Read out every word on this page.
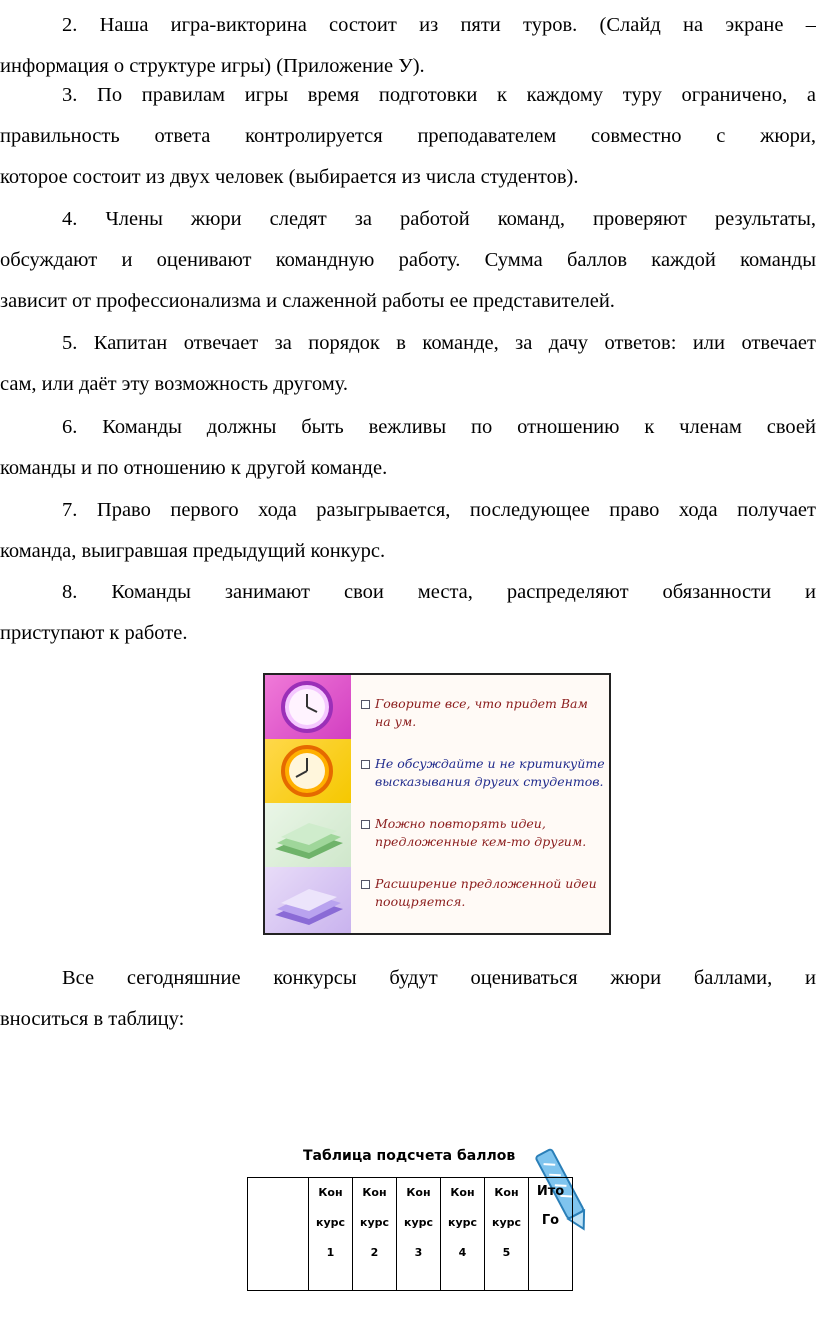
2. Наша игра-викторина состоит из пяти туров. (Слайд на экране –
информация о структуре игры) (Приложение У).
3. По правилам игры время подготовки к каждому туру ограничено, а
правильность ответа контролируется преподавателем совместно с жюри,
которое состоит из двух человек (выбирается из числа студентов).
4. Члены жюри следят за работой команд, проверяют результаты,
обсуждают и оценивают командную работу. Сумма баллов каждой команды
зависит от профессионализма и слаженной работы ее представителей.
5. Капитан отвечает за порядок в команде, за дачу ответов: или отвечает
сам, или даёт эту возможность другому.
6. Команды должны быть вежливы по отношению к членам своей
команды и по отношению к другой команде.
7. Право первого хода разыгрывается, последующее право хода получает
команда, выигравшая предыдущий конкурс.
8. Команды занимают свои места, распределяют обязанности и
приступают к работе.
Говорите все, что придет Вам на ум.
Не обсуждайте и не критикуйте высказывания других студентов.
Можно повторять идеи, предложенные кем-то другим.
Расширение предложенной идеи поощряется.
Все сегодняшние конкурсы будут оцениваться жюри баллами, и
вноситься в таблицу:
Таблица подсчета баллов

Кон
курс
1

Кон
курс
2

Кон
курс
3

Кон
курс
4

Кон
курс
5

Ито
Го
